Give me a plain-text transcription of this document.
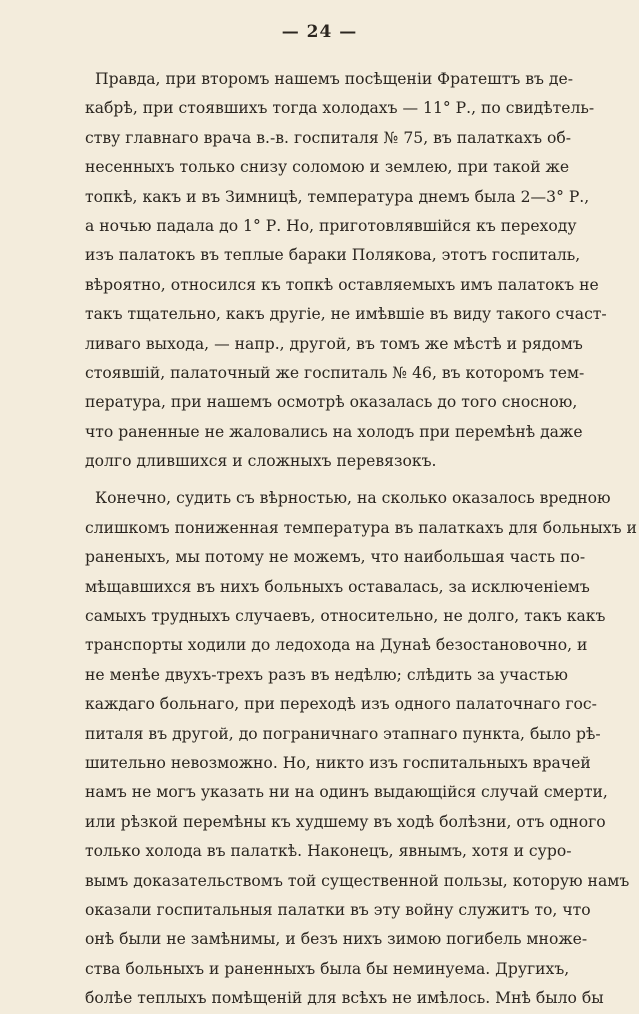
— 24 —
Правда, при второмъ нашемъ посѣщеніи Фратештъ въ де-
кабрѣ, при стоявшихъ тогда холодахъ — 11° Р., по свидѣтель-
ству главнаго врача в.-в. госпиталя № 75, въ палаткахъ об-
несенныхъ только снизу соломою и землею, при такой же
топкѣ, какъ и въ Зимницѣ, температура днемъ была 2—3° Р.,
а ночью падала до 1° Р. Но, приготовлявшійся къ переходу
изъ палатокъ въ теплые бараки Полякова, этотъ госпиталь,
вѣроятно, относился къ топкѣ оставляемыхъ имъ палатокъ не
такъ тщательно, какъ другіе, не имѣвшіе въ виду такого счаст-
ливаго выхода, — напр., другой, въ томъ же мѣстѣ и рядомъ
стоявшій, палаточный же госпиталь № 46, въ которомъ тем-
пература, при нашемъ осмотрѣ оказалась до того сносною,
что раненные не жаловались на холодъ при перемѣнѣ даже
долго длившихся и сложныхъ перевязокъ.
Конечно, судить съ вѣрностью, на сколько оказалось вредною
слишкомъ пониженная температура въ палаткахъ для больныхъ и
раненыхъ, мы потому не можемъ, что наибольшая часть по-
мѣщавшихся въ нихъ больныхъ оставалась, за исключеніемъ
самыхъ трудныхъ случаевъ, относительно, не долго, такъ какъ
транспорты ходили до ледохода на Дунаѣ безостановочно, и
не менѣе двухъ-трехъ разъ въ недѣлю; слѣдить за участью
каждаго больнаго, при переходѣ изъ одного палаточнаго гос-
питаля въ другой, до пограничнаго этапнаго пункта, было рѣ-
шительно невозможно. Но, никто изъ госпитальныхъ врачей
намъ не могъ указать ни на одинъ выдающійся случай смерти,
или рѣзкой перемѣны къ худшему въ ходѣ болѣзни, отъ одного
только холода въ палаткѣ. Наконецъ, явнымъ, хотя и суро-
вымъ доказательствомъ той существенной пользы, которую намъ
оказали госпитальныя палатки въ эту войну служитъ то, что
онѣ были не замѣнимы, и безъ нихъ зимою погибель множе-
ства больныхъ и раненныхъ была бы неминуема. Другихъ,
болѣе теплыхъ помѣщеній для всѣхъ не имѣлось. Мнѣ было бы
